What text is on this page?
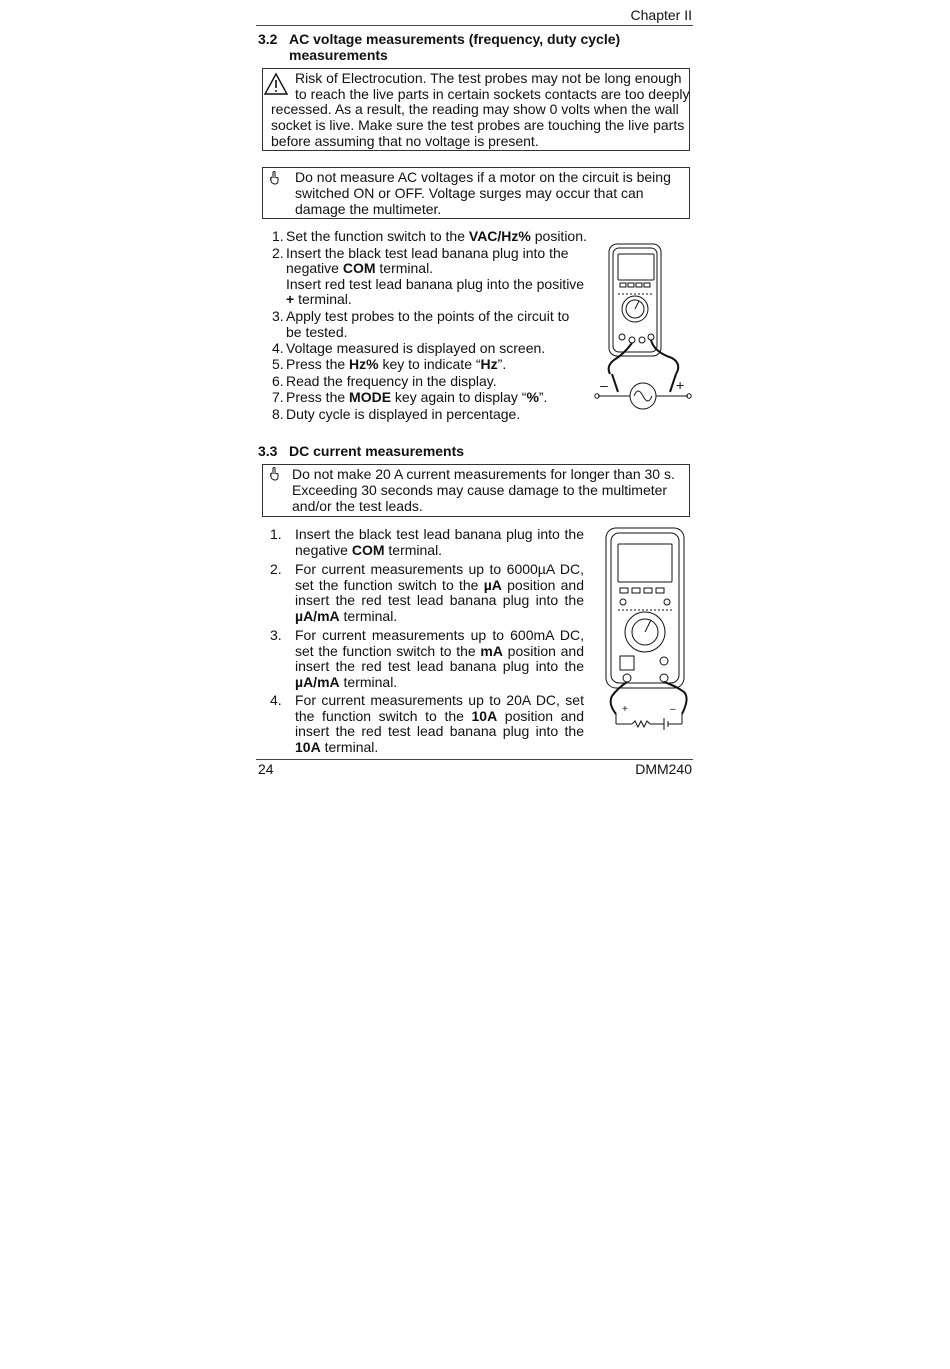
Chapter II
3.2 AC voltage measurements (frequency, duty cycle)
measurements
Risk of Electrocution. The test probes may not be long enough
to reach the live parts in certain sockets contacts are too deeply
recessed. As a result, the reading may show 0 volts when the wall
socket is live. Make sure the test probes are touching the live parts
before assuming that no voltage is present.
Do not measure AC voltages if a motor on the circuit is being
switched ON or OFF. Voltage surges may occur that can
damage the multimeter.
1. Set the function switch to the VAC/Hz% position.
2. Insert the black test lead banana plug into the
negative COM terminal.
Insert red test lead banana plug into the positive
+ terminal.
3. Apply test probes to the points of the circuit to
be tested.
4. Voltage measured is displayed on screen.
5. Press the Hz% key to indicate “Hz”.
6. Read the frequency in the display.
7. Press the MODE key again to display “%”.
8. Duty cycle is displayed in percentage.
–	+
3.3 DC current measurements
Do not make 20 A current measurements for longer than 30 s.
Exceeding 30 seconds may cause damage to the multimeter
and/or the test leads.
1. Insert the black test lead banana plug into the negative COM terminal.
2. For current measurements up to 6000µA DC, set the function switch to the µA position and insert the red test lead banana plug into the µA/mA terminal.
3. For current measurements up to 600mA DC, set the function switch to the mA position and insert the red test lead banana plug into the µA/mA terminal.
4. For current measurements up to 20A DC, set the function switch to the 10A position and insert the red test lead banana plug into the 10A terminal.
+	–
24	DMM240
